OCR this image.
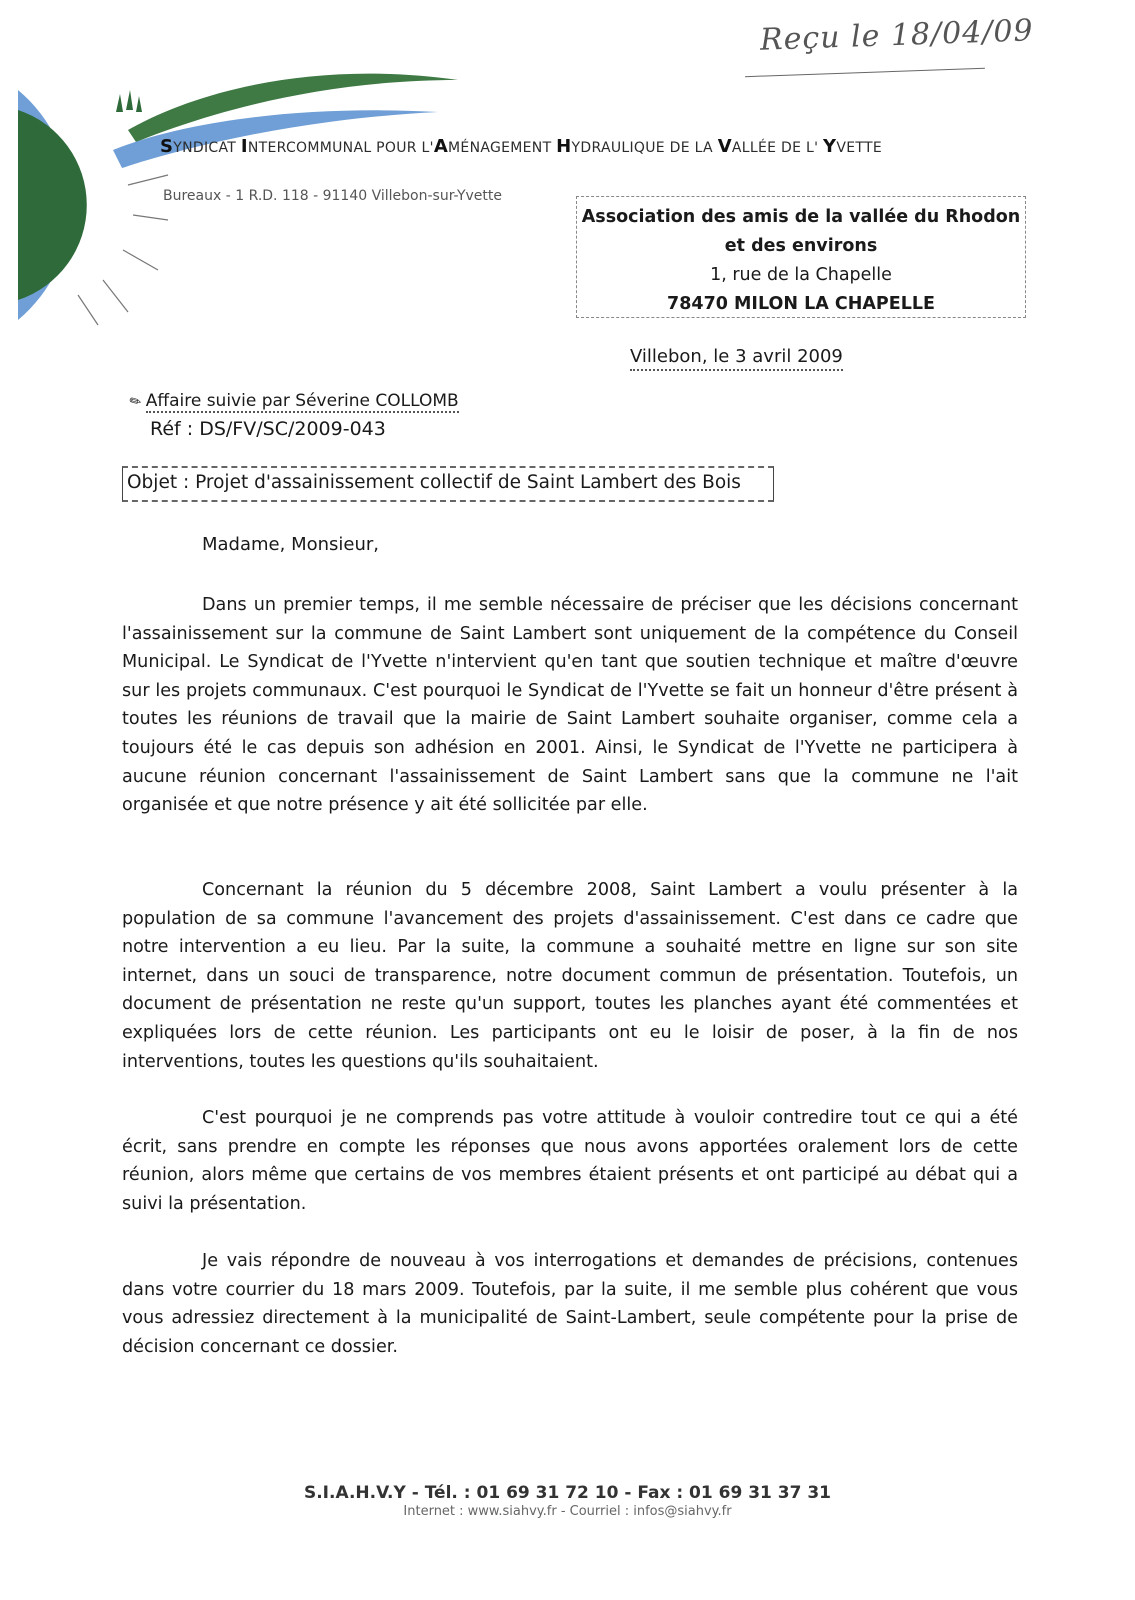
Reçu le 18/04/09
SYNDICAT INTERCOMMUNAL POUR L'AMÉNAGEMENT HYDRAULIQUE DE LA VALLÉE DE L' YVETTE
Bureaux - 1 R.D. 118 - 91140 Villebon-sur-Yvette
Association des amis de la vallée du Rhodon
et des environs
1, rue de la Chapelle
78470 MILON LA CHAPELLE
Villebon, le 3 avril 2009
✎Affaire suivie par Séverine COLLOMB
Réf : DS/FV/SC/2009-043
Objet : Projet d'assainissement collectif de Saint Lambert des Bois
Madame, Monsieur,
Dans un premier temps, il me semble nécessaire de préciser que les décisions concernant l'assainissement sur la commune de Saint Lambert sont uniquement de la compétence du Conseil Municipal. Le Syndicat de l'Yvette n'intervient qu'en tant que soutien technique et maître d'œuvre sur les projets communaux. C'est pourquoi le Syndicat de l'Yvette se fait un honneur d'être présent à toutes les réunions de travail que la mairie de Saint Lambert souhaite organiser, comme cela a toujours été le cas depuis son adhésion en 2001. Ainsi, le Syndicat de l'Yvette ne participera à aucune réunion concernant l'assainissement de Saint Lambert sans que la commune ne l'ait organisée et que notre présence y ait été sollicitée par elle.
Concernant la réunion du 5 décembre 2008, Saint Lambert a voulu présenter à la population de sa commune l'avancement des projets d'assainissement. C'est dans ce cadre que notre intervention a eu lieu. Par la suite, la commune a souhaité mettre en ligne sur son site internet, dans un souci de transparence, notre document commun de présentation. Toutefois, un document de présentation ne reste qu'un support, toutes les planches ayant été commentées et expliquées lors de cette réunion. Les participants ont eu le loisir de poser, à la fin de nos interventions, toutes les questions qu'ils souhaitaient.
C'est pourquoi je ne comprends pas votre attitude à vouloir contredire tout ce qui a été écrit, sans prendre en compte les réponses que nous avons apportées oralement lors de cette réunion, alors même que certains de vos membres étaient présents et ont participé au débat qui a suivi la présentation.
Je vais répondre de nouveau à vos interrogations et demandes de précisions, contenues dans votre courrier du 18 mars 2009. Toutefois, par la suite, il me semble plus cohérent que vous vous adressiez directement à la municipalité de Saint-Lambert, seule compétente pour la prise de décision concernant ce dossier.
S.I.A.H.V.Y - Tél. : 01 69 31 72 10 - Fax : 01 69 31 37 31
Internet : www.siahvy.fr - Courriel : infos@siahvy.fr
